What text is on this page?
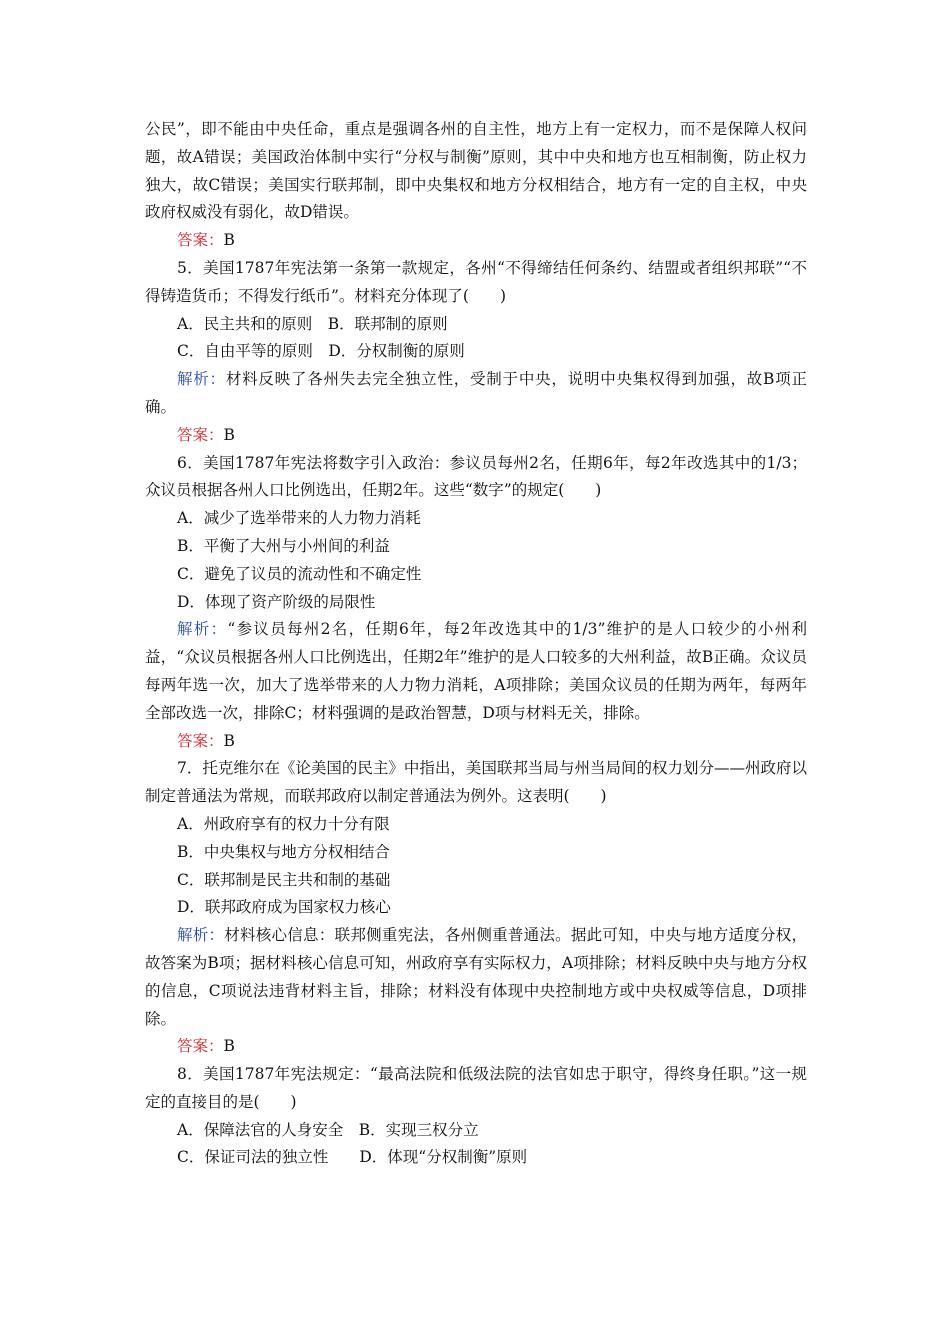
公民”，即不能由中央任命，重点是强调各州的自主性，地方上有一定权力，而不是保障人权问题，故A错误；美国政治体制中实行“分权与制衡”原则，其中中央和地方也互相制衡，防止权力独大，故C错误；美国实行联邦制，即中央集权和地方分权相结合，地方有一定的自主权，中央政府权威没有弱化，故D错误。

答案：B

5．美国1787年宪法第一条第一款规定，各州“不得缔结任何条约、结盟或者组织邦联”“不得铸造货币；不得发行纸币”。材料充分体现了(　　)

A．民主共和的原则　B．联邦制的原则

C．自由平等的原则　D．分权制衡的原则

解析：材料反映了各州失去完全独立性，受制于中央，说明中央集权得到加强，故B项正确。

答案：B

6．美国1787年宪法将数字引入政治：参议员每州2名，任期6年，每2年改选其中的1/3；众议员根据各州人口比例选出，任期2年。这些“数字”的规定(　　)

A．减少了选举带来的人力物力消耗

B．平衡了大州与小州间的利益

C．避免了议员的流动性和不确定性

D．体现了资产阶级的局限性

解析：“参议员每州2名，任期6年，每2年改选其中的1/3”维护的是人口较少的小州利益，“众议员根据各州人口比例选出，任期2年”维护的是人口较多的大州利益，故B正确。众议员每两年选一次，加大了选举带来的人力物力消耗，A项排除；美国众议员的任期为两年，每两年全部改选一次，排除C；材料强调的是政治智慧，D项与材料无关，排除。

答案：B

7．托克维尔在《论美国的民主》中指出，美国联邦当局与州当局间的权力划分——州政府以制定普通法为常规，而联邦政府以制定普通法为例外。这表明(　　)

A．州政府享有的权力十分有限

B．中央集权与地方分权相结合

C．联邦制是民主共和制的基础

D．联邦政府成为国家权力核心

解析：材料核心信息：联邦侧重宪法，各州侧重普通法。据此可知，中央与地方适度分权，故答案为B项；据材料核心信息可知，州政府享有实际权力，A项排除；材料反映中央与地方分权的信息，C项说法违背材料主旨，排除；材料没有体现中央控制地方或中央权威等信息，D项排除。

答案：B

8．美国1787年宪法规定：“最高法院和低级法院的法官如忠于职守，得终身任职。”这一规定的直接目的是(　　)

A．保障法官的人身安全　B．实现三权分立

C．保证司法的独立性　　D．体现“分权制衡”原则
